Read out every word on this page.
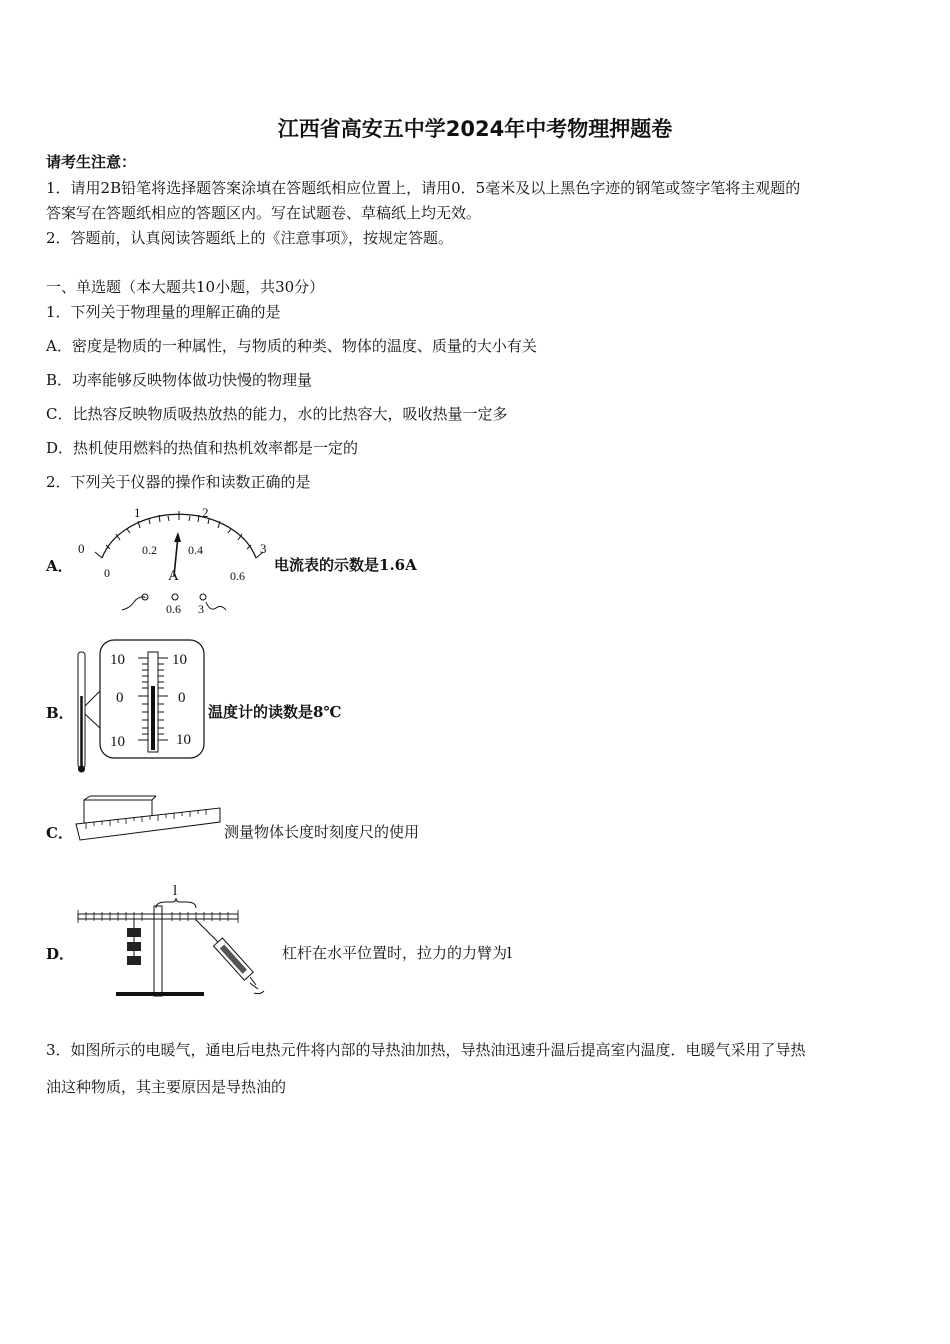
江西省高安五中学2024年中考物理押题卷
请考生注意：
1．请用2B铅笔将选择题答案涂填在答题纸相应位置上，请用0．5毫米及以上黑色字迹的钢笔或签字笔将主观题的
答案写在答题纸相应的答题区内。写在试题卷、草稿纸上均无效。
2．答题前，认真阅读答题纸上的《注意事项》，按规定答题。
一、单选题（本大题共10小题，共30分）
1．下列关于物理量的理解正确的是
A．密度是物质的一种属性，与物质的种类、物体的温度、质量的大小有关
B．功率能够反映物体做功快慢的物理量
C．比热容反映物质吸热放热的能力，水的比热容大，吸收热量一定多
D．热机使用燃料的热值和热机效率都是一定的
2．下列关于仪器的操作和读数正确的是
A．
0
1	2
3
0
0.2	0.4
0.6
A
－
0.6 3
电流表的示数是1.6A
B．
10	10
0	0
10	10
温度计的读数是8℃
C．	测量物体长度时刻度尺的使用
D．
l
杠杆在水平位置时，拉力的力臂为l
3．如图所示的电暖气，通电后电热元件将内部的导热油加热，导热油迅速升温后提高室内温度．电暖气采用了导热
油这种物质，其主要原因是导热油的
